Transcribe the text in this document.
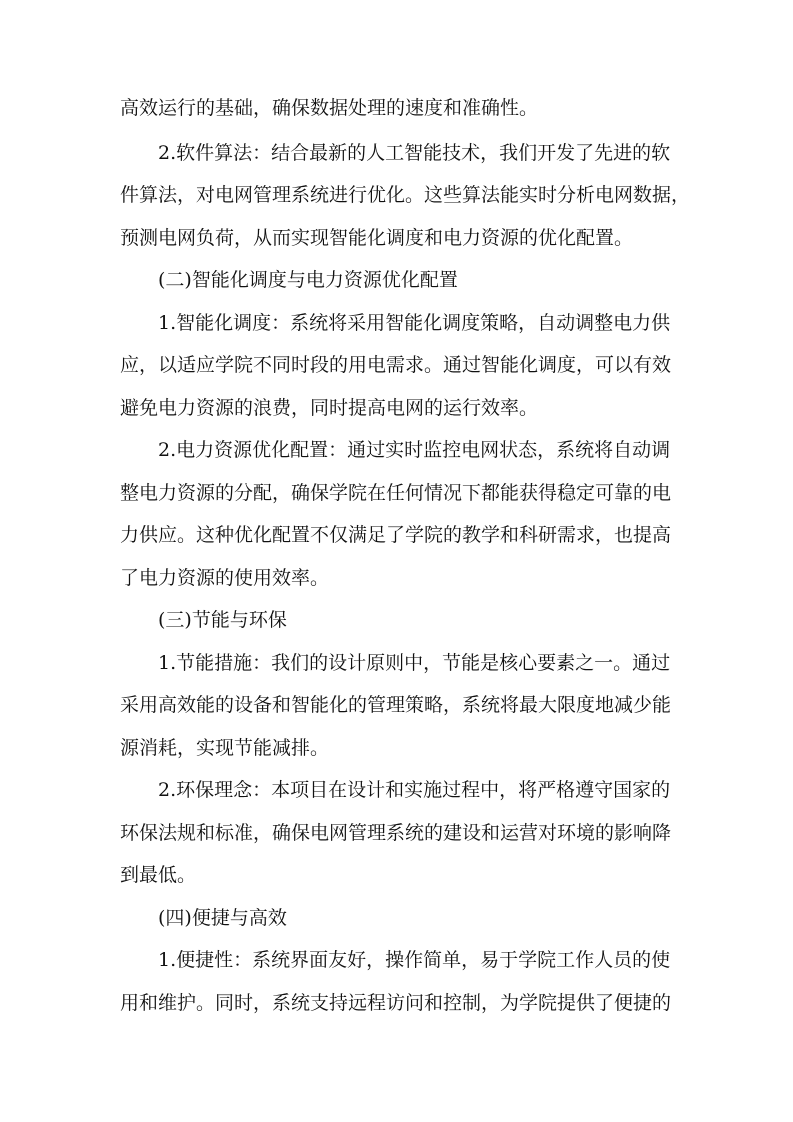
高效运行的基础，确保数据处理的速度和准确性。
2.软件算法：结合最新的人工智能技术，我们开发了先进的软
件算法，对电网管理系统进行优化。这些算法能实时分析电网数据，
预测电网负荷，从而实现智能化调度和电力资源的优化配置。
(二)智能化调度与电力资源优化配置
1.智能化调度：系统将采用智能化调度策略，自动调整电力供
应，以适应学院不同时段的用电需求。通过智能化调度，可以有效
避免电力资源的浪费，同时提高电网的运行效率。
2.电力资源优化配置：通过实时监控电网状态，系统将自动调
整电力资源的分配，确保学院在任何情况下都能获得稳定可靠的电
力供应。这种优化配置不仅满足了学院的教学和科研需求，也提高
了电力资源的使用效率。
(三)节能与环保
1.节能措施：我们的设计原则中，节能是核心要素之一。通过
采用高效能的设备和智能化的管理策略，系统将最大限度地减少能
源消耗，实现节能减排。
2.环保理念：本项目在设计和实施过程中，将严格遵守国家的
环保法规和标准，确保电网管理系统的建设和运营对环境的影响降
到最低。
(四)便捷与高效
1.便捷性：系统界面友好，操作简单，易于学院工作人员的使
用和维护。同时，系统支持远程访问和控制，为学院提供了便捷的
